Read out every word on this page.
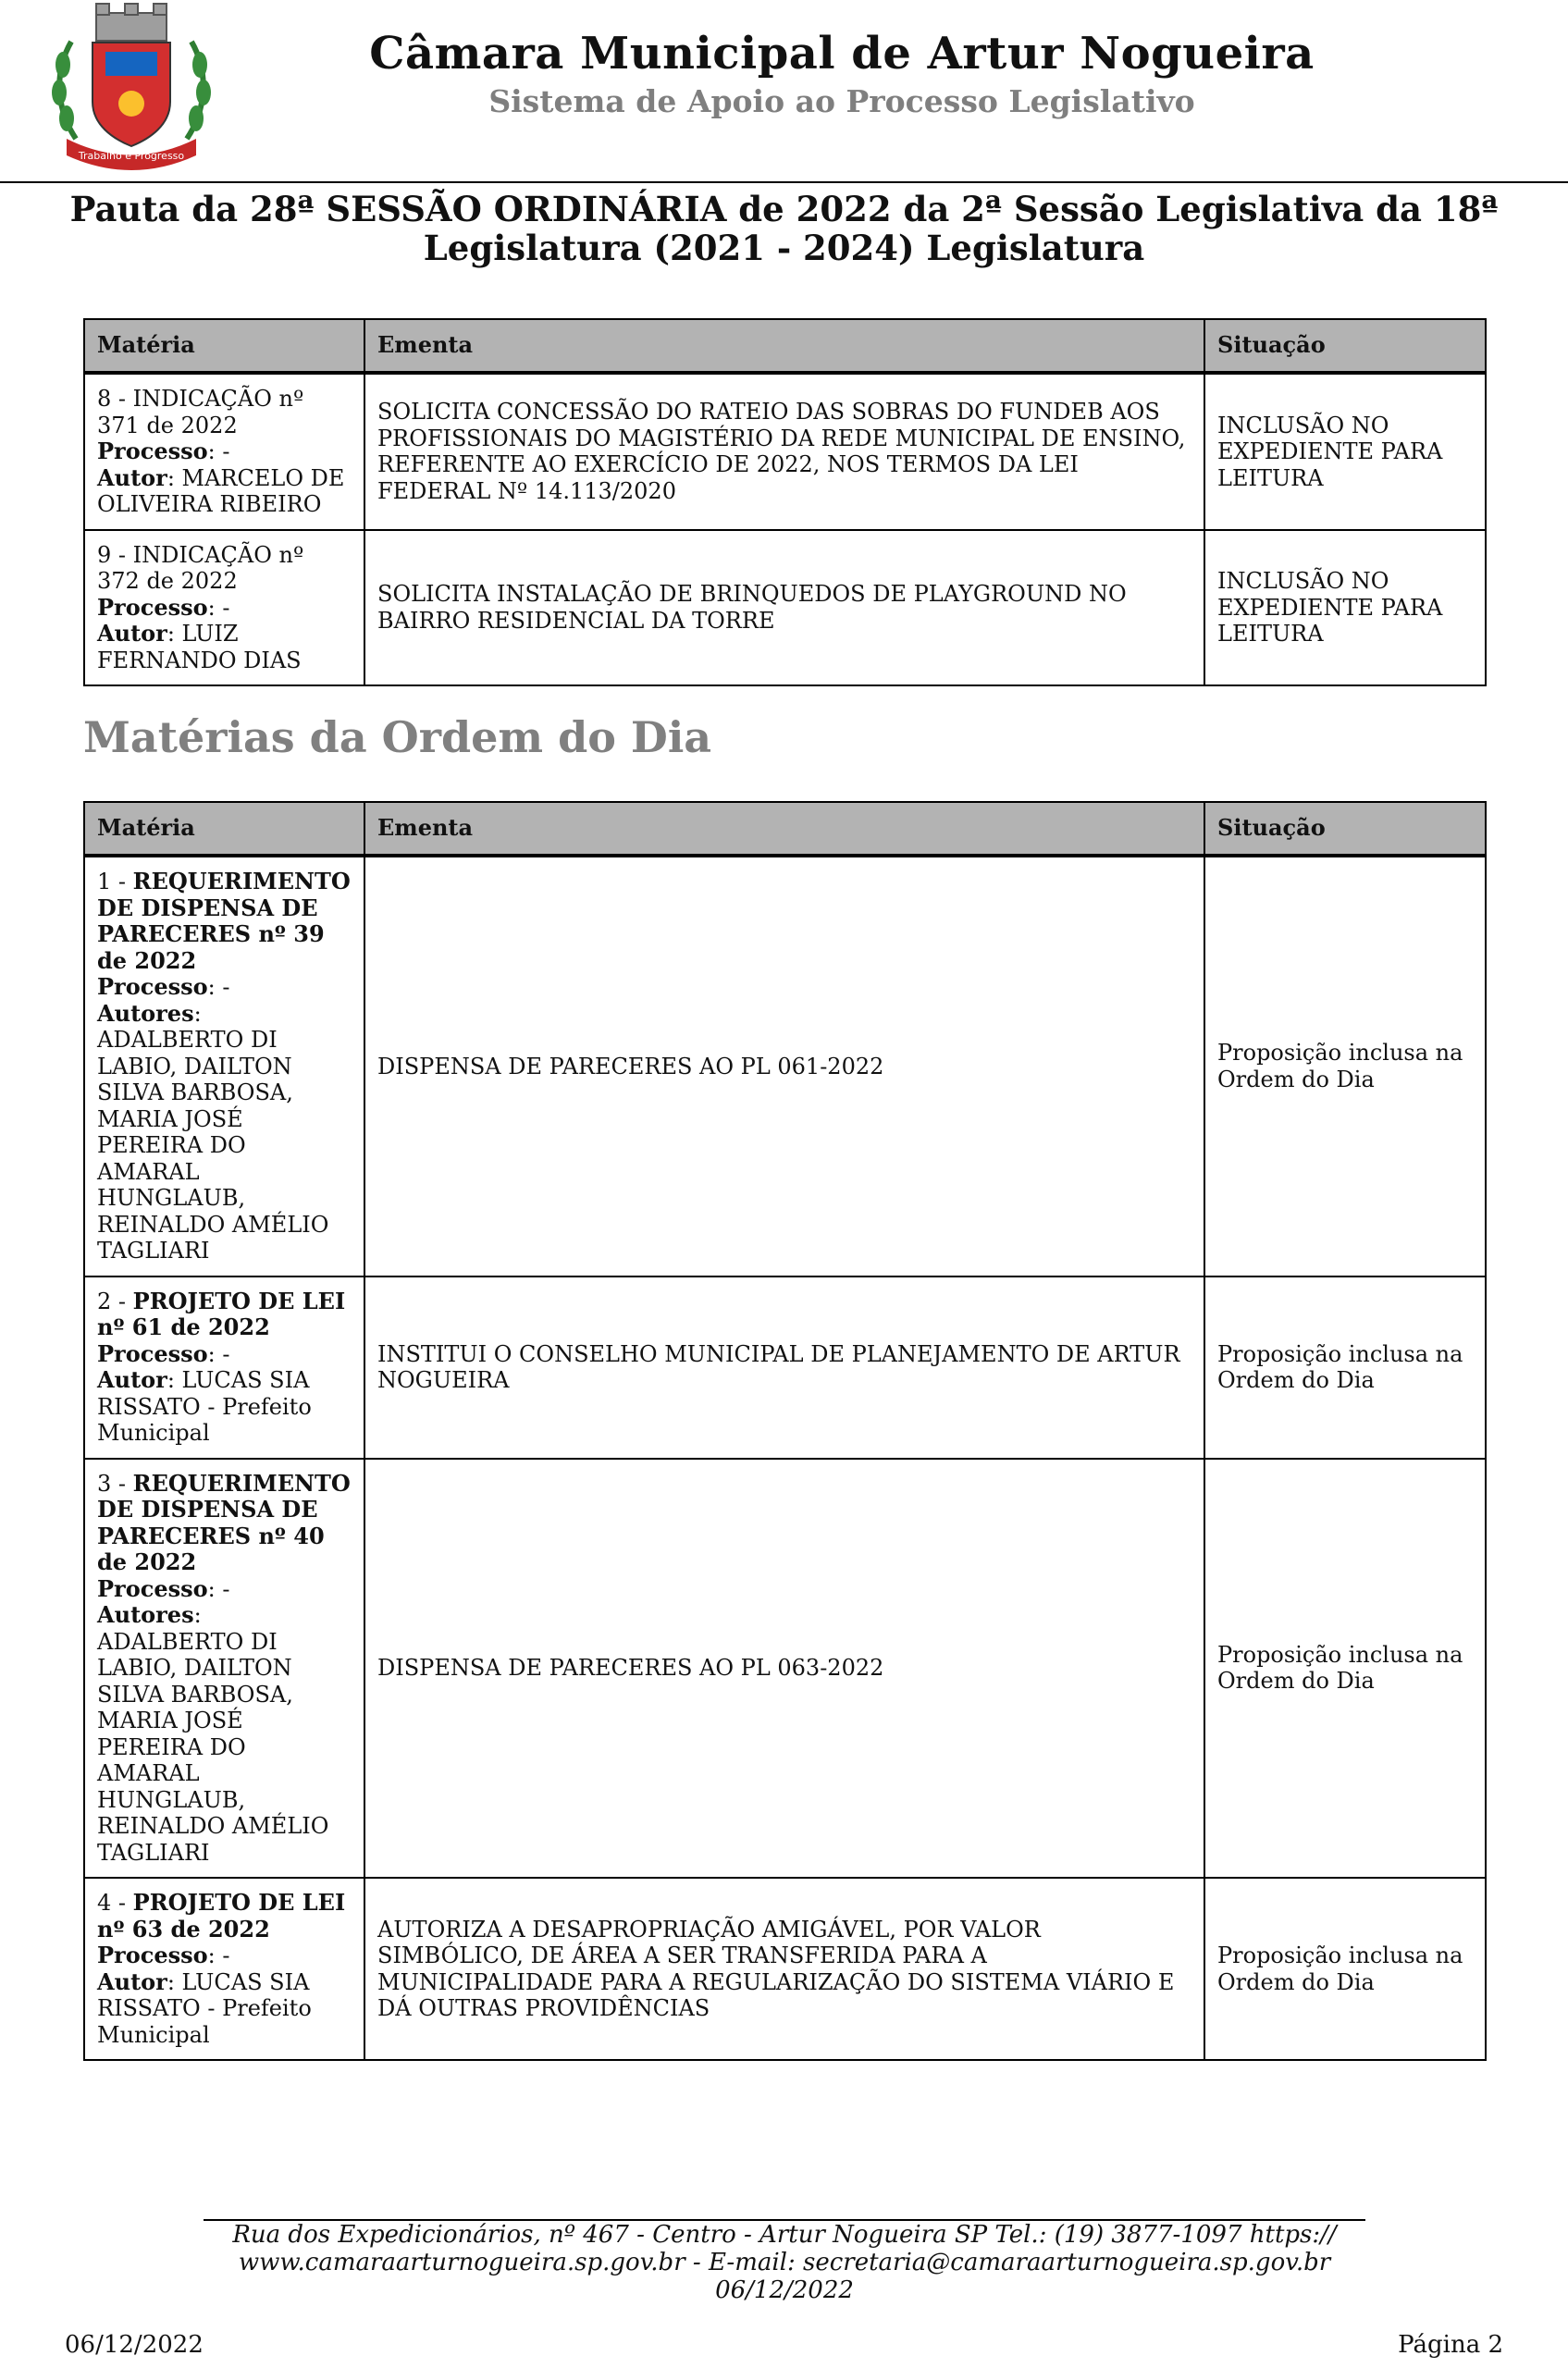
Trabalho e Progresso
Câmara Municipal de Artur Nogueira
Sistema de Apoio ao Processo Legislativo
Pauta da 28ª SESSÃO ORDINÁRIA de 2022 da 2ª Sessão Legislativa da 18ª
Legislatura (2021 - 2024) Legislatura
Matéria	Ementa	Situação
8 - INDICAÇÃO nº 371 de 2022
Processo: -
Autor: MARCELO DE OLIVEIRA RIBEIRO	SOLICITA CONCESSÃO DO RATEIO DAS SOBRAS DO FUNDEB AOS PROFISSIONAIS DO MAGISTÉRIO DA REDE MUNICIPAL DE ENSINO, REFERENTE AO EXERCÍCIO DE 2022, NOS TERMOS DA LEI FEDERAL Nº 14.113/2020	INCLUSÃO NO EXPEDIENTE PARA LEITURA
9 - INDICAÇÃO nº 372 de 2022
Processo: -
Autor: LUIZ FERNANDO DIAS	SOLICITA INSTALAÇÃO DE BRINQUEDOS DE PLAYGROUND NO BAIRRO RESIDENCIAL DA TORRE	INCLUSÃO NO EXPEDIENTE PARA LEITURA
Matérias da Ordem do Dia
Matéria	Ementa	Situação
1 - REQUERIMENTO DE DISPENSA DE PARECERES nº 39 de 2022
Processo: -
Autores: ADALBERTO DI LABIO, DAILTON SILVA BARBOSA, MARIA JOSÉ PEREIRA DO AMARAL HUNGLAUB, REINALDO AMÉLIO TAGLIARI	DISPENSA DE PARECERES AO PL 061-2022	Proposição inclusa na Ordem do Dia
2 - PROJETO DE LEI nº 61 de 2022
Processo: -
Autor: LUCAS SIA RISSATO - Prefeito Municipal	INSTITUI O CONSELHO MUNICIPAL DE PLANEJAMENTO DE ARTUR NOGUEIRA	Proposição inclusa na Ordem do Dia
3 - REQUERIMENTO DE DISPENSA DE PARECERES nº 40 de 2022
Processo: -
Autores: ADALBERTO DI LABIO, DAILTON SILVA BARBOSA, MARIA JOSÉ PEREIRA DO AMARAL HUNGLAUB, REINALDO AMÉLIO TAGLIARI	DISPENSA DE PARECERES AO PL 063-2022	Proposição inclusa na Ordem do Dia
4 - PROJETO DE LEI nº 63 de 2022
Processo: -
Autor: LUCAS SIA RISSATO - Prefeito Municipal	AUTORIZA A DESAPROPRIAÇÃO AMIGÁVEL, POR VALOR SIMBÓLICO, DE ÁREA A SER TRANSFERIDA PARA A MUNICIPALIDADE PARA A REGULARIZAÇÃO DO SISTEMA VIÁRIO E DÁ OUTRAS PROVIDÊNCIAS	Proposição inclusa na Ordem do Dia
Rua dos Expedicionários, nº 467 - Centro - Artur Nogueira SP Tel.: (19) 3877-1097 https://
www.camaraarturnogueira.sp.gov.br - E-mail: secretaria@camaraarturnogueira.sp.gov.br
06/12/2022
06/12/2022	Página 2
